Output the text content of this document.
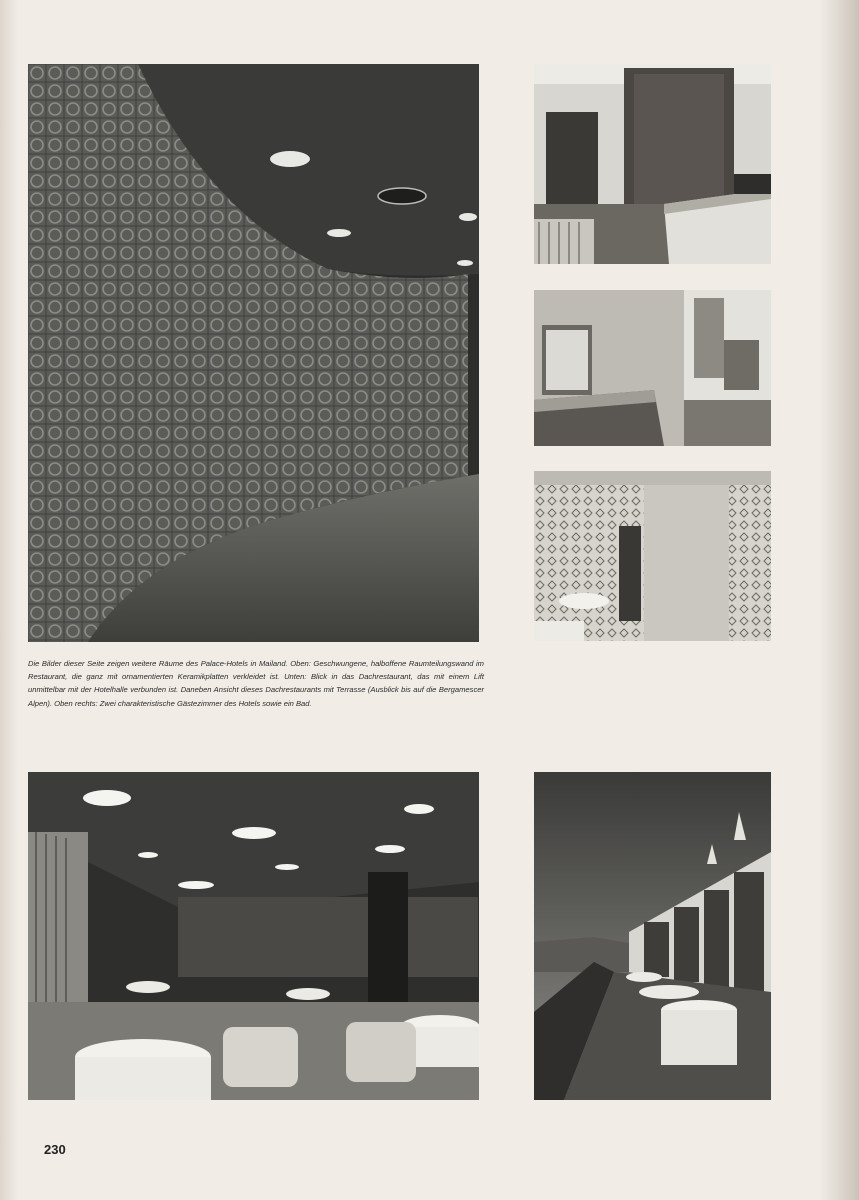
Die Bilder dieser Seite zeigen weitere Räume des Palace-Hotels in Mailand. Oben: Geschwungene, halboffene Raumteilungswand im Restaurant, die ganz mit ornamentierten Keramikplatten verkleidet ist. Unten: Blick in das Dachrestaurant, das mit einem Lift unmittelbar mit der Hotelhalle verbunden ist. Daneben Ansicht dieses Dachrestaurants mit Terrasse (Ausblick bis auf die Bergamescer Alpen). Oben rechts: Zwei charakteristische Gästezimmer des Hotels sowie ein Bad.
230
